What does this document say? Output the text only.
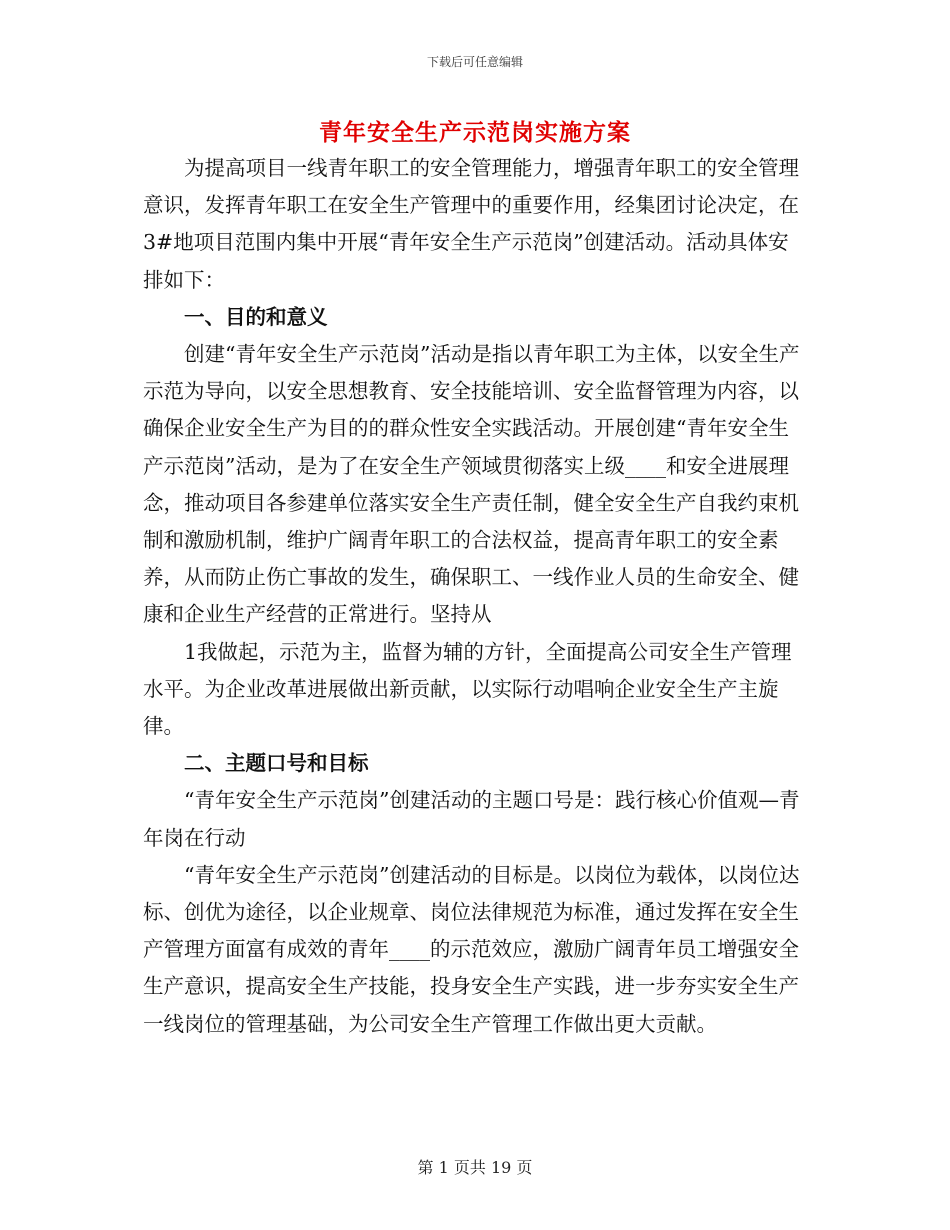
下载后可任意编辑
青年安全生产示范岗实施方案

为提高项目一线青年职工的安全管理能力，增强青年职工的安全管理意识，发挥青年职工在安全生产管理中的重要作用，经集团讨论决定，在3#地项目范围内集中开展“青年安全生产示范岗”创建活动。活动具体安排如下：

一、目的和意义

创建“青年安全生产示范岗”活动是指以青年职工为主体，以安全生产示范为导向，以安全思想教育、安全技能培训、安全监督管理为内容，以确保企业安全生产为目的的群众性安全实践活动。开展创建“青年安全生产示范岗”活动，是为了在安全生产领域贯彻落实上级____和安全进展理念，推动项目各参建单位落实安全生产责任制，健全安全生产自我约束机制和激励机制，维护广阔青年职工的合法权益，提高青年职工的安全素养，从而防止伤亡事故的发生，确保职工、一线作业人员的生命安全、健康和企业生产经营的正常进行。坚持从

1我做起，示范为主，监督为辅的方针，全面提高公司安全生产管理水平。为企业改革进展做出新贡献，以实际行动唱响企业安全生产主旋律。

二、主题口号和目标

“青年安全生产示范岗”创建活动的主题口号是：践行核心价值观—青年岗在行动

“青年安全生产示范岗”创建活动的目标是。以岗位为载体，以岗位达标、创优为途径，以企业规章、岗位法律规范为标准，通过发挥在安全生产管理方面富有成效的青年____的示范效应，激励广阔青年员工增强安全生产意识，提高安全生产技能，投身安全生产实践，进一步夯实安全生产一线岗位的管理基础，为公司安全生产管理工作做出更大贡献。

第 1 页共 19 页
